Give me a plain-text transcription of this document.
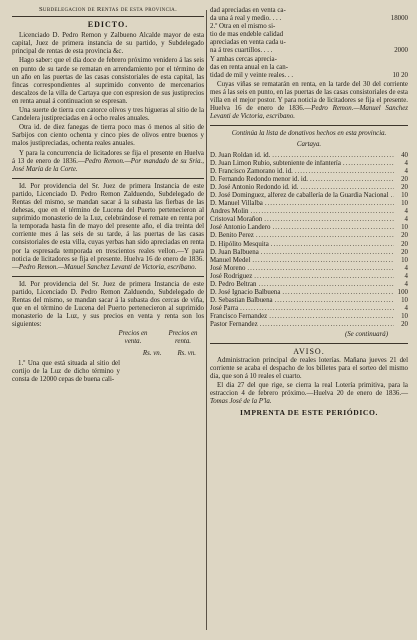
Subdelegacion de Rentas de esta provincia.
EDICTO.

Licenciado D. Pedro Remon y Zalbueno Alcalde mayor de esta capital, Juez de primera instancia de su partido, y Subdelegado principal de rentas de esta provincia &c.

Hago saber: que el dia doce de febrero próximo venidero á las seis en punto de su tarde se rematan en arrendamiento por el término de un año en las puertas de las casas consistoriales de esta capital, las fincas correspondientes al suprimido convento de mercenarios descalzos de la villa de Cartaya que con espresion de sus justiprecios en renta anual á continuacion se espresan.

Una suerte de tierra con catorce olivos y tres higueras al sitio de la Candelera justipreciadas en á ocho reales anuales.

Otra id. de diez fanegas de tierra poco mas ó menos al sitio de Sarbijos con ciento ochenta y cinco pies de olivos entre buenos y malos justipreciadas, ochenta reales anuales.

Y para la concurrencia de licitadores se fija el presente en Huelva á 13 de enero de 1836.—Pedro Remon.—Por mandado de su Sria., José María de la Corte.

Id. Por providencia del Sr. Juez de primera Instancia de este partido, Licenciado D. Pedro Remon Zalduendo, Subdelegado de Rentas del mismo, se mandan sacar á la subasta las fierbas de las dehesas, que en el término de Lucena del Puerto pertenecieron al suprimido monasterio de la Luz, celebrándose el remate en renta por la temporada hasta fin de mayo del presente año, el dia treinta del corriente mes á las seis de su tarde, á las puertas de las casas consistoriales de esta villa, cuyas yerbas han sido apreciadas en renta por la espresada temporada en trescientos reales vellon.—Y para noticia de licitadores se fija el presente. Huelva 16 de enero de 1836.—Pedro Remon.—Manuel Sanchez Levanti de Victoria, escribano.

Id. Por providencia del Sr. Juez de primera Instancia de este partido, Licenciado D. Pedro Remon Zalduendo, Subdelegado de Rentas del mismo, se mandan sacar á la subasta dos cercas de viña, que en el término de Lucena del Puerto pertenecieron al suprimido monasterio de la Luz, y sus precios en venta y renta son los siguientes:

Precios en venta.
Precios en renta.
Rs. vn. Rs. vn.

1.º Una que está situada al sitio del cortijo de la Luz de dicho término y consta de 12000 cepas de buena cali-

dad apreciadas en venta ca-
da una á real y medio. . . .	18000
2.º Otra en el mismo si-
tio de mas endeble calidad
apreciadas en venta cada u-
na á tres cuartillos. . . .	2000
Y ambas cercas aprecia-
das en renta anual en la can-
tidad de mil y veinte reales. . .	10 20

Cuyas viñas se rematarán en renta, en la tarde del 30 del corriente mes á las seis en punto, en las puertas de las casas consistoriales de esta villa en el mejor postor. Y para noticia de licitadores se fija el presente. Huelva 16 de enero de 1836.—Pedro Remon.—Manuel Sanchez Levanti de Victoria, escribano.

Continúa la lista de donativos hechos en esta provincia.
Cartaya.
D. Juan Roldan id. id. .....	40
D. Juan Limon Rubio, subteniente de infantería .....	4
D. Francisco Zamorano id. id. .....	4
D. Fernando Redondo menor id. id. .....	20
D. José Antonio Redondo id. id. .....	20
D. José Dominguez, alferez de caballería de la Guardia Nacional .....	10
D. Manuel Villalba .....	10
Andres Molin .....	4
Cristoval Morañon .....	4
José Antonio Landero .....	10
D. Benito Perez .....	20
D. Hipólito Mesquita .....	20
D. Juan Balbuena .....	20
Manuel Medel .....	10
José Moreno .....	4
José Rodriguez .....	4
D. Pedro Beltran .....	4
D. José Ignacio Balbuena .....	100
D. Sebastian Balbuena .....	10
José Parra .....	4
Francisco Fernandez .....	10
Pastor Fernandez .....	20
(Se continuará)
AVISO.

Administracion principal de reales loterías. Mañana jueves 21 del corriente se acaba el despacho de los billetes para el sorteo del mismo dia, que son á 10 reales el cuarto.

El dia 27 del que rige, se cierra la real Lotería primitiva, para la estraccion 4 de febrero próximo.—Huelva 20 de enero de 1836.—Tomas José de la P'la.

IMPRENTA DE ESTE PERIÓDICO.
